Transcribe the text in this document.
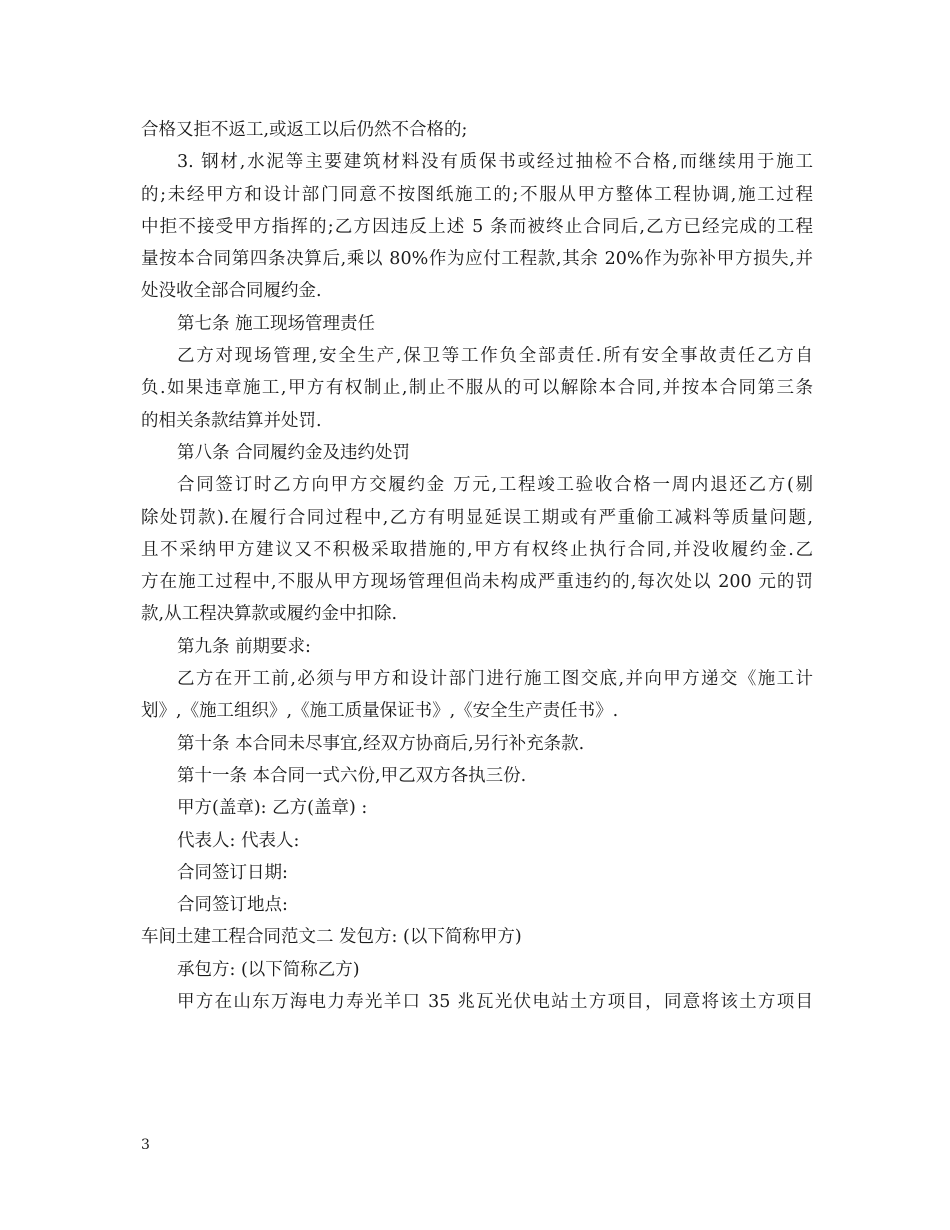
合格又拒不返工,或返工以后仍然不合格的;
3. 钢材,水泥等主要建筑材料没有质保书或经过抽检不合格,而继续用于施工
的;未经甲方和设计部门同意不按图纸施工的;不服从甲方整体工程协调,施工过程
中拒不接受甲方指挥的;乙方因违反上述 5 条而被终止合同后,乙方已经完成的工程
量按本合同第四条决算后,乘以 80%作为应付工程款,其余 20%作为弥补甲方损失,并
处没收全部合同履约金.
第七条 施工现场管理责任
乙方对现场管理,安全生产,保卫等工作负全部责任.所有安全事故责任乙方自
负.如果违章施工,甲方有权制止,制止不服从的可以解除本合同,并按本合同第三条
的相关条款结算并处罚.
第八条 合同履约金及违约处罚
合同签订时乙方向甲方交履约金 万元,工程竣工验收合格一周内退还乙方(剔
除处罚款).在履行合同过程中,乙方有明显延误工期或有严重偷工减料等质量问题,
且不采纳甲方建议又不积极采取措施的,甲方有权终止执行合同,并没收履约金.乙
方在施工过程中,不服从甲方现场管理但尚未构成严重违约的,每次处以 200 元的罚
款,从工程决算款或履约金中扣除.
第九条 前期要求:
乙方在开工前,必须与甲方和设计部门进行施工图交底,并向甲方递交《施工计
划》,《施工组织》,《施工质量保证书》,《安全生产责任书》.
第十条 本合同未尽事宜,经双方协商后,另行补充条款.
第十一条 本合同一式六份,甲乙双方各执三份.
甲方(盖章): 乙方(盖章) :
代表人: 代表人:
合同签订日期:
合同签订地点:
车间土建工程合同范文二 发包方: (以下简称甲方)
承包方: (以下简称乙方)
甲方在山东万海电力寿光羊口 35 兆瓦光伏电站土方项目，同意将该土方项目
3
